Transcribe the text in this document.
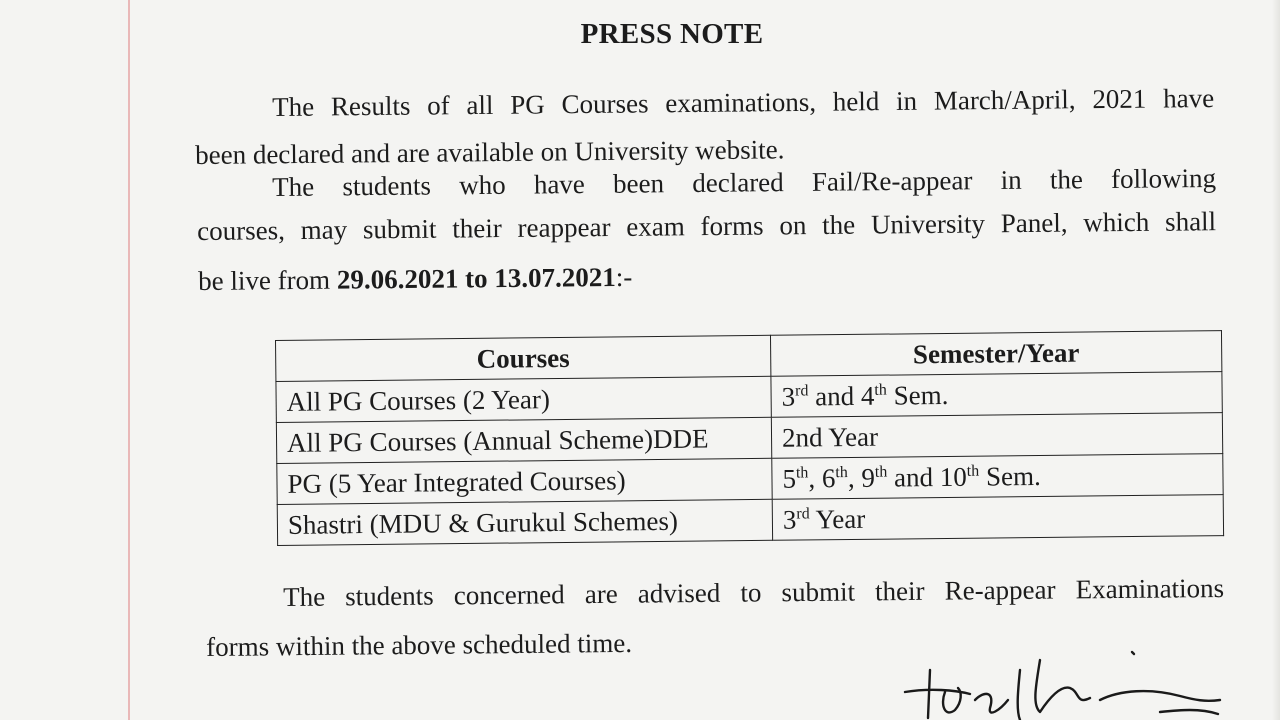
PRESS NOTE
The Results of all PG Courses examinations, held in March/April, 2021 have
been declared and are available on University website.
The students who have been declared Fail/Re-appear in the following
courses, may submit their reappear exam forms on the University Panel, which shall
be live from 29.06.2021 to 13.07.2021:-
Courses	Semester/Year
All PG Courses (2 Year)	3rd and 4th Sem.
All PG Courses (Annual Scheme)DDE	2nd Year
PG (5 Year Integrated Courses)	5th, 6th, 9th and 10th Sem.
Shastri (MDU & Gurukul Schemes)	3rd Year
The students concerned are advised to submit their Re-appear Examinations
forms within the above scheduled time.
